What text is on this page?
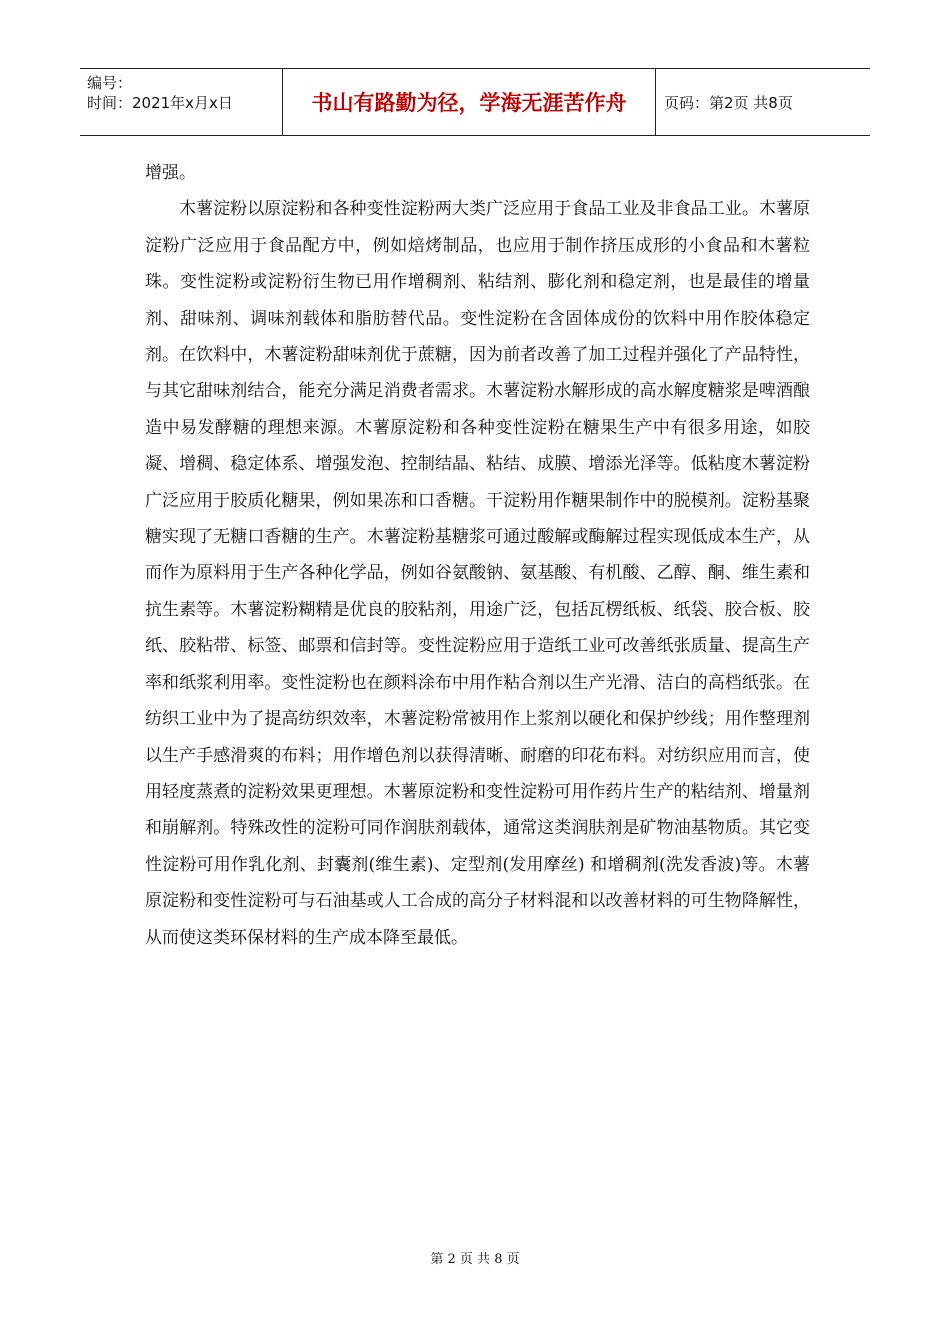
编号：
时间：2021年x月x日	书山有路勤为径，学海无涯苦作舟	页码：第2页 共8页

增强。

木薯淀粉以原淀粉和各种变性淀粉两大类广泛应用于食品工业及非食品工业。木薯原淀粉广泛应用于食品配方中，例如焙烤制品，也应用于制作挤压成形的小食品和木薯粒珠。变性淀粉或淀粉衍生物已用作增稠剂、粘结剂、膨化剂和稳定剂，也是最佳的增量剂、甜味剂、调味剂载体和脂肪替代品。变性淀粉在含固体成份的饮料中用作胶体稳定剂。在饮料中，木薯淀粉甜味剂优于蔗糖，因为前者改善了加工过程并强化了产品特性，与其它甜味剂结合，能充分满足消费者需求。木薯淀粉水解形成的高水解度糖浆是啤酒酿造中易发酵糖的理想来源。木薯原淀粉和各种变性淀粉在糖果生产中有很多用途，如胶凝、增稠、稳定体系、增强发泡、控制结晶、粘结、成膜、增添光泽等。低粘度木薯淀粉广泛应用于胶质化糖果，例如果冻和口香糖。干淀粉用作糖果制作中的脱模剂。淀粉基聚糖实现了无糖口香糖的生产。木薯淀粉基糖浆可通过酸解或酶解过程实现低成本生产，从而作为原料用于生产各种化学品，例如谷氨酸钠、氨基酸、有机酸、乙醇、酮、维生素和抗生素等。木薯淀粉糊精是优良的胶粘剂，用途广泛，包括瓦楞纸板、纸袋、胶合板、胶纸、胶粘带、标签、邮票和信封等。变性淀粉应用于造纸工业可改善纸张质量、提高生产率和纸浆利用率。变性淀粉也在颜料涂布中用作粘合剂以生产光滑、洁白的高档纸张。在纺织工业中为了提高纺织效率，木薯淀粉常被用作上浆剂以硬化和保护纱线；用作整理剂以生产手感滑爽的布料；用作增色剂以获得清晰、耐磨的印花布料。对纺织应用而言，使用轻度蒸煮的淀粉效果更理想。木薯原淀粉和变性淀粉可用作药片生产的粘结剂、增量剂和崩解剂。特殊改性的淀粉可同作润肤剂载体，通常这类润肤剂是矿物油基物质。其它变性淀粉可用作乳化剂、封囊剂(维生素)、定型剂(发用摩丝) 和增稠剂(洗发香波)等。木薯原淀粉和变性淀粉可与石油基或人工合成的高分子材料混和以改善材料的可生物降解性，从而使这类环保材料的生产成本降至最低。

第 2 页 共 8 页
